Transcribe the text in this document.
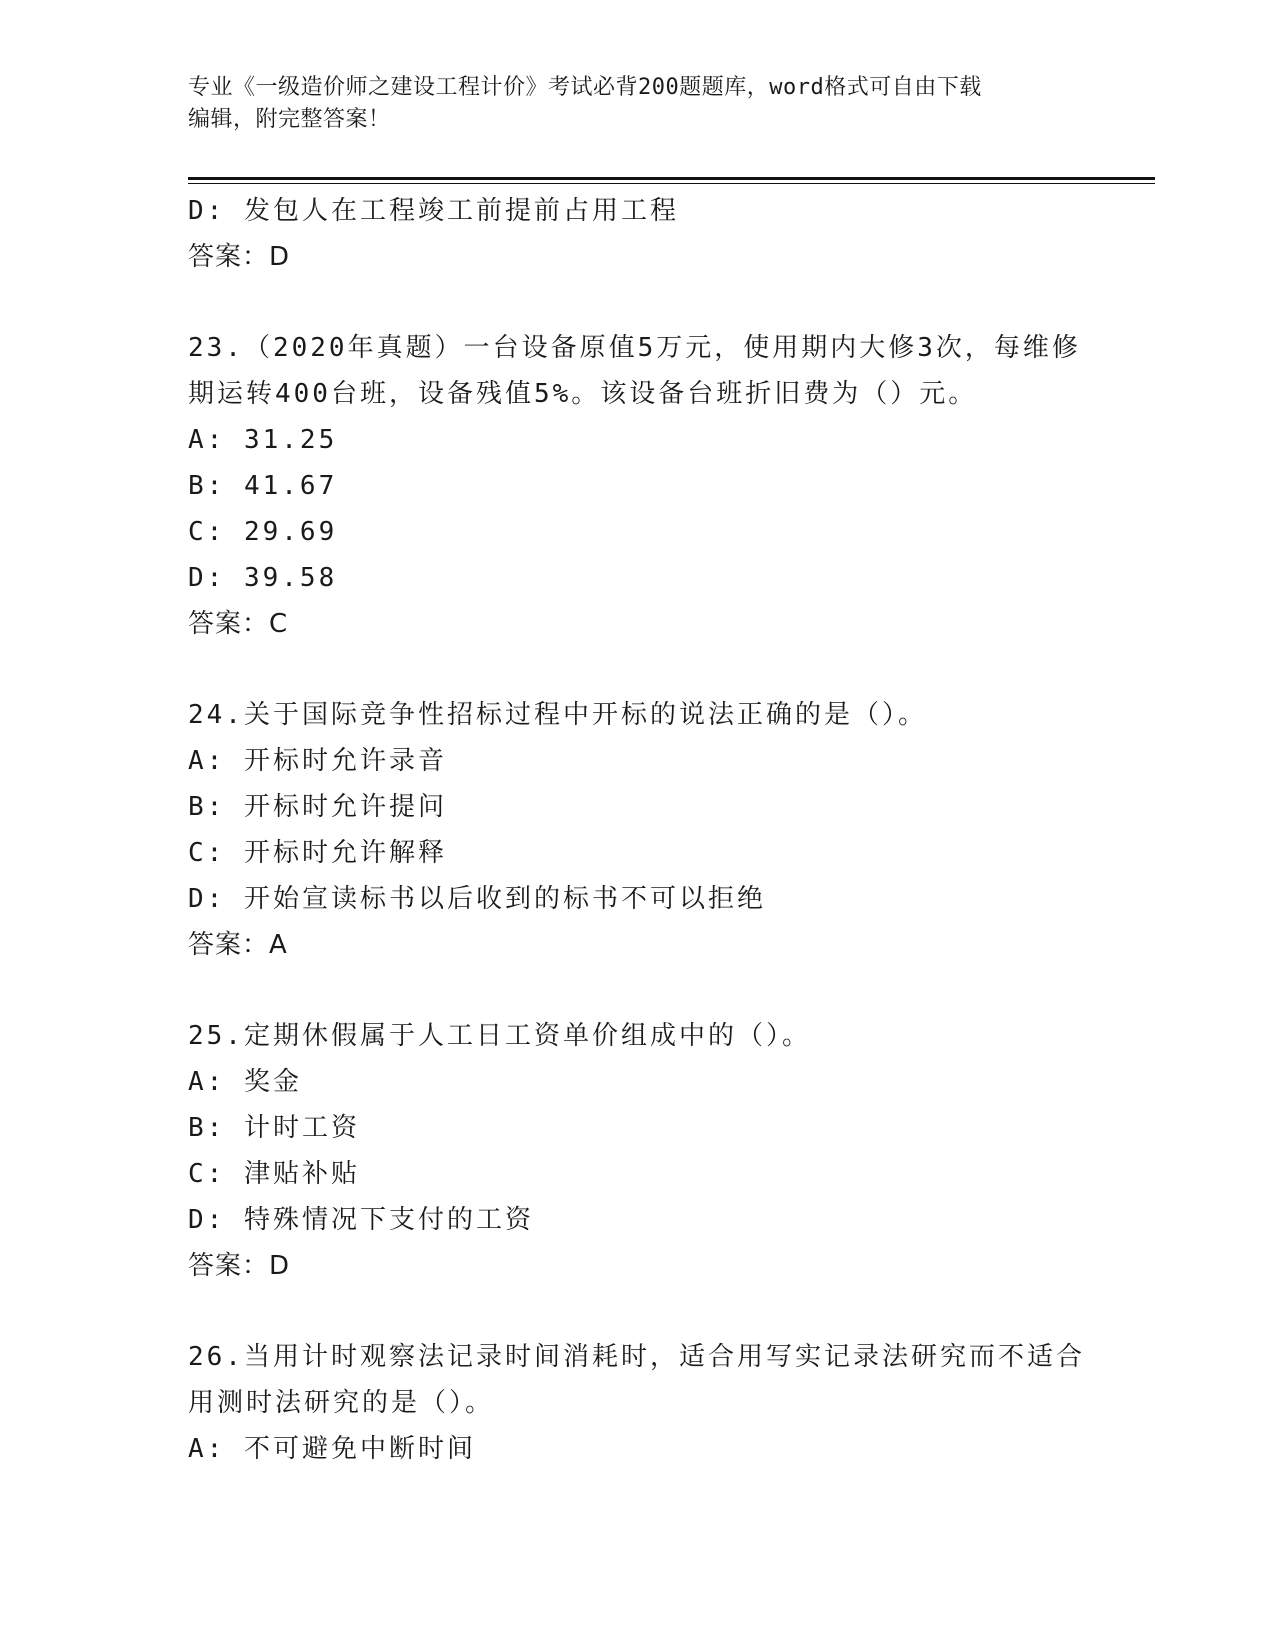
专业《一级造价师之建设工程计价》考试必背200题题库，word格式可自由下载
编辑，附完整答案！
D: 发包人在工程竣工前提前占用工程
答案：D
23.（2020年真题）一台设备原值5万元，使用期内大修3次，每维修
期运转400台班，设备残值5%。该设备台班折旧费为（）元。
A: 31.25
B: 41.67
C: 29.69
D: 39.58
答案：C
24.关于国际竞争性招标过程中开标的说法正确的是（）。
A: 开标时允许录音
B: 开标时允许提问
C: 开标时允许解释
D: 开始宣读标书以后收到的标书不可以拒绝
答案：A
25.定期休假属于人工日工资单价组成中的（）。
A: 奖金
B: 计时工资
C: 津贴补贴
D: 特殊情况下支付的工资
答案：D
26.当用计时观察法记录时间消耗时，适合用写实记录法研究而不适合
用测时法研究的是（）。
A: 不可避免中断时间
